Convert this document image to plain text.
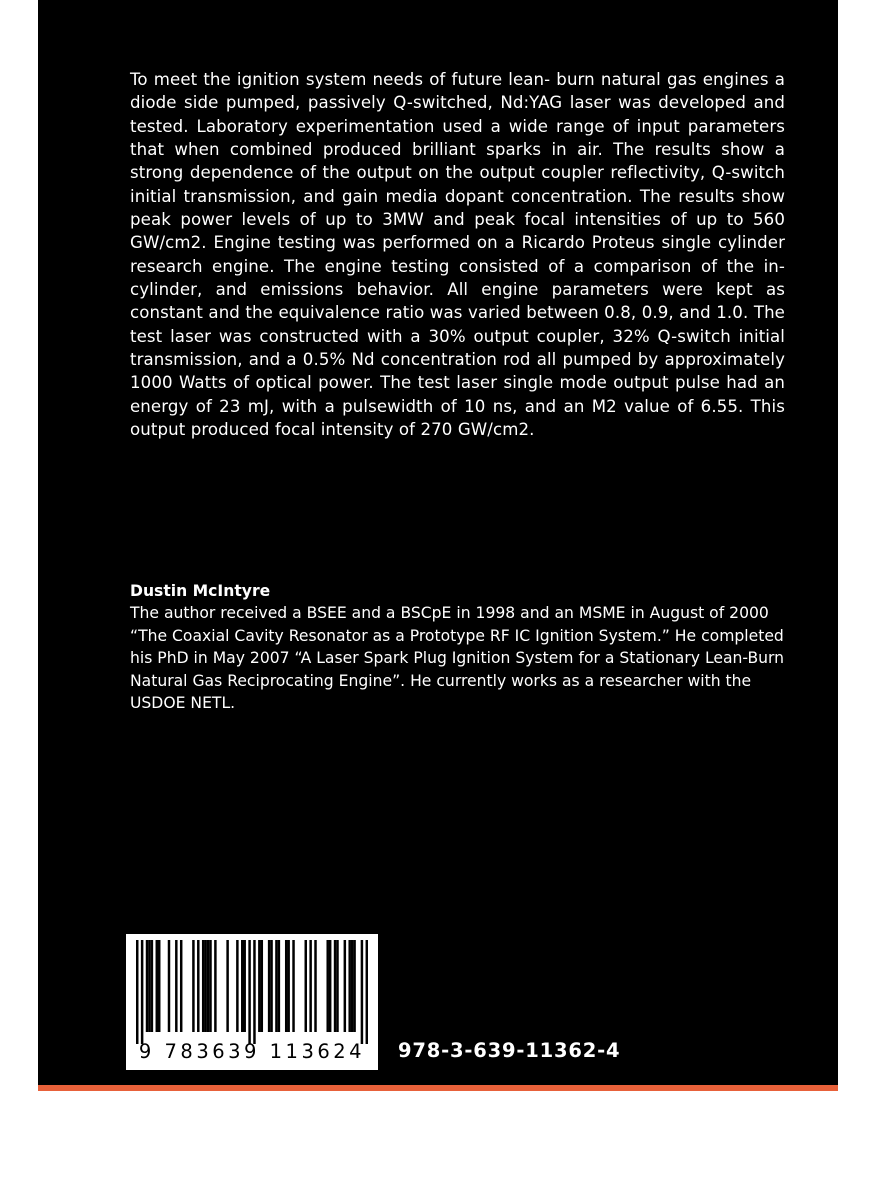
To meet the ignition system needs of future lean- burn natural gas engines a diode side pumped, passively Q-switched, Nd:YAG laser was developed and tested. Laboratory experimentation used a wide range of input parameters that when combined produced brilliant sparks in air. The results show a strong dependence of the output on the output coupler reflectivity, Q-switch initial transmission, and gain media dopant concentration. The results show peak power levels of up to 3MW and peak focal intensities of up to 560 GW/cm2. Engine testing was performed on a Ricardo Proteus single cylinder research engine. The engine testing consisted of a comparison of the in-cylinder, and emissions behavior. All engine parameters were kept as constant and the equivalence ratio was varied between 0.8, 0.9, and 1.0. The test laser was constructed with a 30% output coupler, 32% Q-switch initial transmission, and a 0.5% Nd concentration rod all pumped by approximately 1000 Watts of optical power. The test laser single mode output pulse had an energy of 23 mJ, with a pulsewidth of 10 ns, and an M2 value of 6.55. This output produced focal intensity of 270 GW/cm2.

Dustin McIntyre

The author received a BSEE and a BSCpE in 1998 and an MSME in August of 2000 “The Coaxial Cavity Resonator as a Prototype RF IC Ignition System.” He completed his PhD in May 2007 “A Laser Spark Plug Ignition System for a Stationary Lean-Burn Natural Gas Reciprocating Engine”. He currently works as a researcher with the USDOE NETL.

9 783639 113624	978-3-639-11362-4
